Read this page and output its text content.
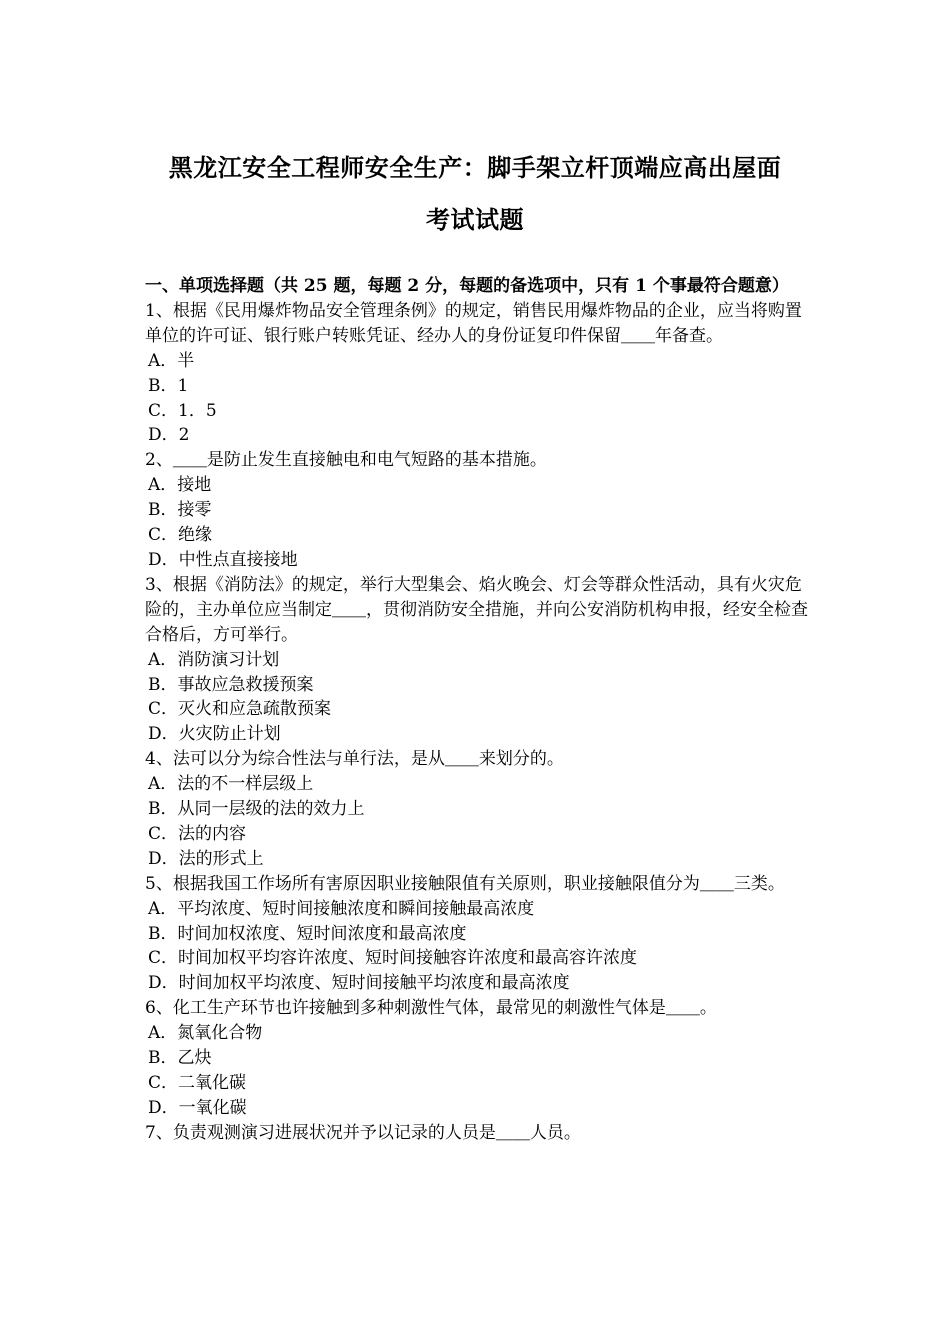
黑龙江安全工程师安全生产：脚手架立杆顶端应高出屋面
考试试题

一、单项选择题（共 25 题，每题 2 分，每题的备选项中，只有 1 个事最符合题意）

1、根据《民用爆炸物品安全管理条例》的规定，销售民用爆炸物品的企业，应当将购置单位的许可证、银行账户转账凭证、经办人的身份证复印件保留＿＿年备查。

A．半

B．1

C．1．5

D．2

2、＿＿是防止发生直接触电和电气短路的基本措施。

A．接地

B．接零

C．绝缘

D．中性点直接接地

3、根据《消防法》的规定，举行大型集会、焰火晚会、灯会等群众性活动，具有火灾危险的，主办单位应当制定＿＿，贯彻消防安全措施，并向公安消防机构申报，经安全检查合格后，方可举行。

A．消防演习计划

B．事故应急救援预案

C．灭火和应急疏散预案

D．火灾防止计划

4、法可以分为综合性法与单行法，是从＿＿来划分的。

A．法的不一样层级上

B．从同一层级的法的效力上

C．法的内容

D．法的形式上

5、根据我国工作场所有害原因职业接触限值有关原则，职业接触限值分为＿＿三类。

A．平均浓度、短时间接触浓度和瞬间接触最高浓度

B．时间加权浓度、短时间浓度和最高浓度

C．时间加权平均容许浓度、短时间接触容许浓度和最高容许浓度

D．时间加权平均浓度、短时间接触平均浓度和最高浓度

6、化工生产环节也许接触到多种刺激性气体，最常见的刺激性气体是＿＿。

A．氮氧化合物

B．乙炔

C．二氧化碳

D．一氧化碳

7、负责观测演习进展状况并予以记录的人员是＿＿人员。
